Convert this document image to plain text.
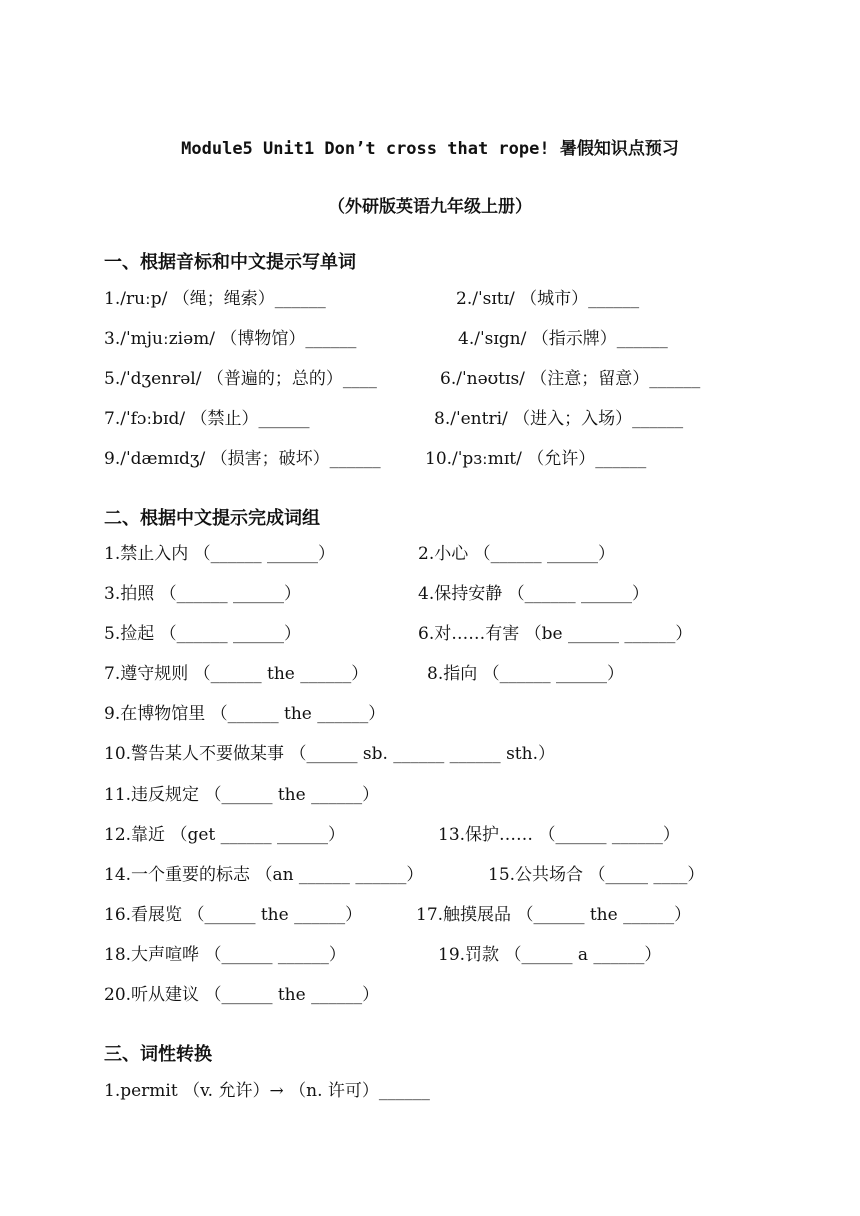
Module5 Unit1 Don’t cross that rope! 暑假知识点预习
（外研版英语九年级上册）
一、根据音标和中文提示写单词
1./ruːp/ （绳；绳索）______	2./ˈsɪtɪ/ （城市）______
3./ˈmjuːziəm/ （博物馆）______	4./ˈsɪgn/ （指示牌）______
5./ˈdʒenrəl/ （普遍的；总的）____	6./ˈnəʊtɪs/ （注意；留意）______
7./ˈfɔːbɪd/ （禁止）______	8./ˈentri/ （进入；入场）______
9./ˈdæmɪdʒ/ （损害；破坏）______	10./ˈpɜːmɪt/ （允许）______
二、根据中文提示完成词组
1.禁止入内 （______ ______）	2.小心 （______ ______）
3.拍照 （______ ______）	4.保持安静 （______ ______）
5.捡起 （______ ______）	6.对……有害 （be ______ ______）
7.遵守规则 （______ the ______）	8.指向 （______ ______）
9.在博物馆里 （______ the ______）
10.警告某人不要做某事 （______ sb. ______ ______ sth.）
11.违反规定 （______ the ______）
12.靠近 （get ______ ______）	13.保护…… （______ ______）
14.一个重要的标志 （an ______ ______）	15.公共场合 （_____ ____）
16.看展览 （______ the ______）	17.触摸展品 （______ the ______）
18.大声喧哗 （______ ______）	19.罚款 （______ a ______）
20.听从建议 （______ the ______）
三、词性转换
1.permit （v. 允许）→ （n. 许可）______
